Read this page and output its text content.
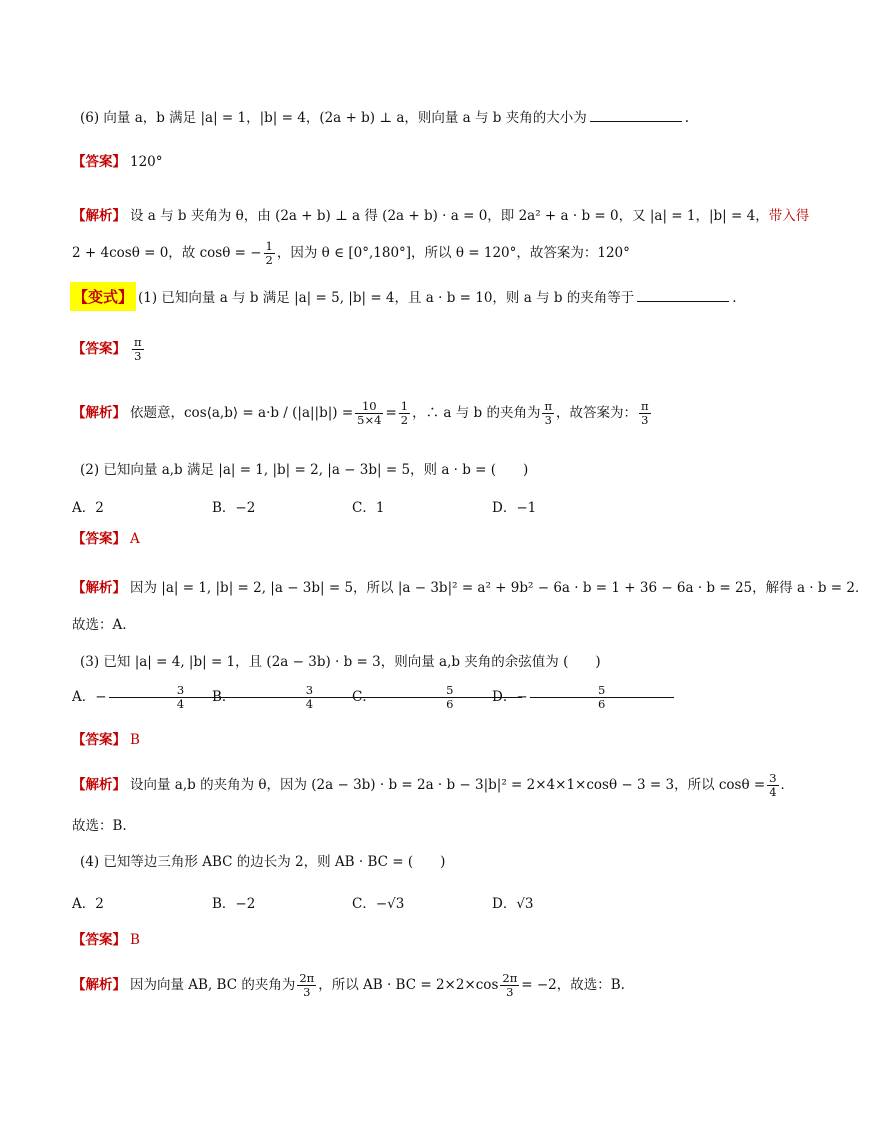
(6) 向量 a，b 满足 |a| = 1，|b| = 4，(2a + b) ⊥ a，则向量 a 与 b 夹角的大小为	.
【答案】 120°
【解析】 设 a 与 b 夹角为 θ，由 (2a + b) ⊥ a 得 (2a + b) · a = 0，即 2a² + a · b = 0，又 |a| = 1，|b| = 4，带入得
2 + 4cosθ = 0，故 cosθ = − $\frac{1}{2}$ ，因为 θ ∈ [0°,180°]，所以 θ = 120°，故答案为：120°
【变式】 (1) 已知向量 a 与 b 满足 |a| = 5, |b| = 4，且 a · b = 10，则 a 与 b 的夹角等于	.
【答案】 $\frac{\pi}{3}$
【解析】 依题意，cos⟨a,b⟩ = $a\cdot b / (|a||b|) = \frac{10}{5\times 4} = \frac{1}{2}$ ，∴ a 与 b 的夹角为 $\frac{\pi}{3}$ ，故答案为： $\frac{\pi}{3}$
(2) 已知向量 a,b 满足 |a| = 1, |b| = 2, |a − 3b| = 5，则 a · b = (　　)
A．2	B．−2	C．1	D．−1
【答案】 A
【解析】 因为 |a| = 1, |b| = 2, |a − 3b| = 5，所以 |a − 3b|² = a² + 9b² − 6a · b = 1 + 36 − 6a · b = 25，解得 a · b = 2．
故选：A.
(3) 已知 |a| = 4, |b| = 1，且 (2a − 3b) · b = 3，则向量 a,b 夹角的余弦值为 (　　)
A．− $\frac{3}{4}$
B． $\frac{3}{4}$
C． $\frac{5}{6}$
D．− $\frac{5}{6}$
【答案】 B
【解析】 设向量 a,b 的夹角为 θ，因为 (2a − 3b) · b = 2a · b − 3|b|² = 2×4×1×cosθ − 3 = 3，所以 $\cos\theta = \frac{3}{4}$ ．
故选：B.
(4) 已知等边三角形 ABC 的边长为 2，则 AB · BC = (　　)
A．2	B．−2	C．−√3	D．√3
【答案】 B
【解析】 因为向量 AB, BC 的夹角为 $\frac{2\pi}{3}$ ，所以 AB · BC = $2\times 2\times\cos \frac{2\pi}{3} = -2$，故选：B.
